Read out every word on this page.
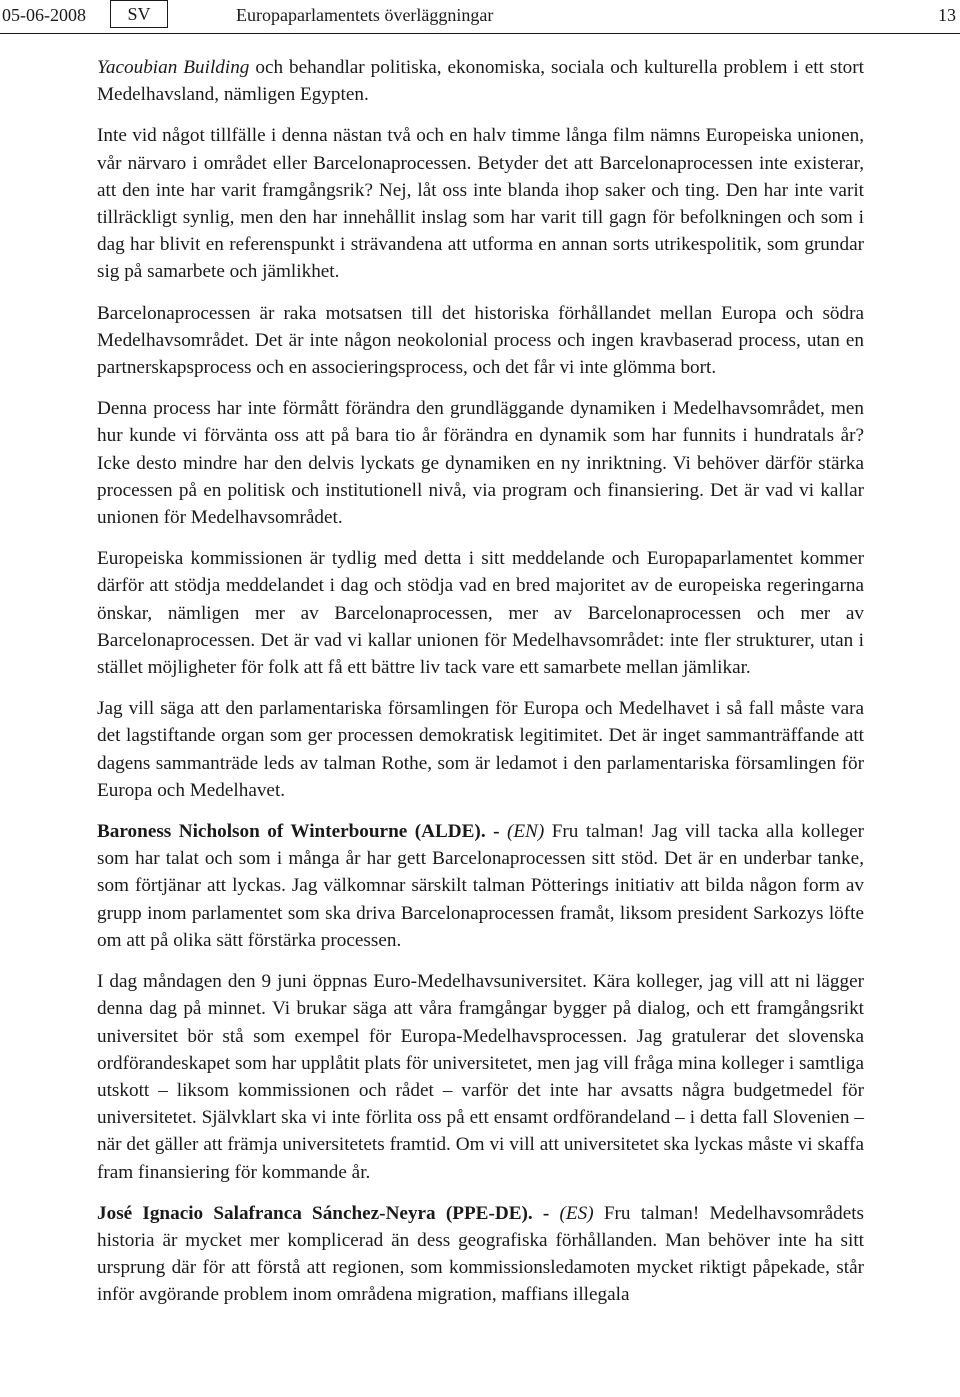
05-06-2008	SV	Europaparlamentets överläggningar	13

Yacoubian Building och behandlar politiska, ekonomiska, sociala och kulturella problem i ett stort Medelhavsland, nämligen Egypten.

Inte vid något tillfälle i denna nästan två och en halv timme långa film nämns Europeiska unionen, vår närvaro i området eller Barcelonaprocessen. Betyder det att Barcelonaprocessen inte existerar, att den inte har varit framgångsrik? Nej, låt oss inte blanda ihop saker och ting. Den har inte varit tillräckligt synlig, men den har innehållit inslag som har varit till gagn för befolkningen och som i dag har blivit en referenspunkt i strävandena att utforma en annan sorts utrikespolitik, som grundar sig på samarbete och jämlikhet.

Barcelonaprocessen är raka motsatsen till det historiska förhållandet mellan Europa och södra Medelhavsområdet. Det är inte någon neokolonial process och ingen kravbaserad process, utan en partnerskapsprocess och en associeringsprocess, och det får vi inte glömma bort.

Denna process har inte förmått förändra den grundläggande dynamiken i Medelhavsområdet, men hur kunde vi förvänta oss att på bara tio år förändra en dynamik som har funnits i hundratals år? Icke desto mindre har den delvis lyckats ge dynamiken en ny inriktning. Vi behöver därför stärka processen på en politisk och institutionell nivå, via program och finansiering. Det är vad vi kallar unionen för Medelhavsområdet.

Europeiska kommissionen är tydlig med detta i sitt meddelande och Europaparlamentet kommer därför att stödja meddelandet i dag och stödja vad en bred majoritet av de europeiska regeringarna önskar, nämligen mer av Barcelonaprocessen, mer av Barcelonaprocessen och mer av Barcelonaprocessen. Det är vad vi kallar unionen för Medelhavsområdet: inte fler strukturer, utan i stället möjligheter för folk att få ett bättre liv tack vare ett samarbete mellan jämlikar.

Jag vill säga att den parlamentariska församlingen för Europa och Medelhavet i så fall måste vara det lagstiftande organ som ger processen demokratisk legitimitet. Det är inget sammanträffande att dagens sammanträde leds av talman Rothe, som är ledamot i den parlamentariska församlingen för Europa och Medelhavet.

Baroness Nicholson of Winterbourne (ALDE). - (EN) Fru talman! Jag vill tacka alla kolleger som har talat och som i många år har gett Barcelonaprocessen sitt stöd. Det är en underbar tanke, som förtjänar att lyckas. Jag välkomnar särskilt talman Pötterings initiativ att bilda någon form av grupp inom parlamentet som ska driva Barcelonaprocessen framåt, liksom president Sarkozys löfte om att på olika sätt förstärka processen.

I dag måndagen den 9 juni öppnas Euro-Medelhavsuniversitet. Kära kolleger, jag vill att ni lägger denna dag på minnet. Vi brukar säga att våra framgångar bygger på dialog, och ett framgångsrikt universitet bör stå som exempel för Europa-Medelhavsprocessen. Jag gratulerar det slovenska ordförandeskapet som har upplåtit plats för universitetet, men jag vill fråga mina kolleger i samtliga utskott – liksom kommissionen och rådet – varför det inte har avsatts några budgetmedel för universitetet. Självklart ska vi inte förlita oss på ett ensamt ordförandeland – i detta fall Slovenien – när det gäller att främja universitetets framtid. Om vi vill att universitetet ska lyckas måste vi skaffa fram finansiering för kommande år.

José Ignacio Salafranca Sánchez-Neyra (PPE-DE). - (ES) Fru talman! Medelhavsområdets historia är mycket mer komplicerad än dess geografiska förhållanden. Man behöver inte ha sitt ursprung där för att förstå att regionen, som kommissionsledamoten mycket riktigt påpekade, står inför avgörande problem inom områdena migration, maffians illegala
